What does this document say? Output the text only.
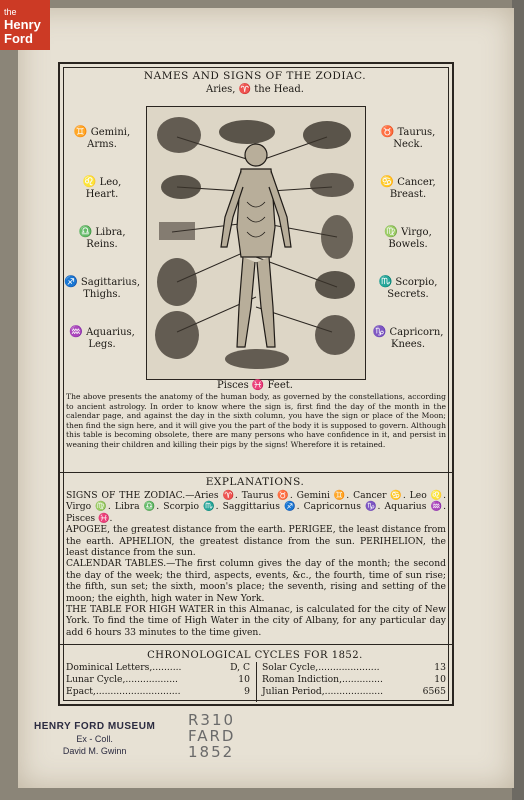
the
Henry
Ford
NAMES AND SIGNS OF THE ZODIAC.
Aries, ♈ the Head.
♊ Gemini,
Arms.
♌ Leo,
Heart.
♎ Libra,
Reins.
♐ Sagittarius,
Thighs.
♒ Aquarius,
Legs.
♉ Taurus,
Neck.
♋ Cancer,
Breast.
♍ Virgo,
Bowels.
♏ Scorpio,
Secrets.
♑ Capricorn,
Knees.
Pisces ♓ Feet.
The above presents the anatomy of the human body, as governed by the constellations, according to ancient astrology. In order to know where the sign is, first find the day of the month in the calendar page, and against the day in the sixth column, you have the sign or place of the Moon; then find the sign here, and it will give you the part of the body it is supposed to govern. Although this table is becoming obsolete, there are many persons who have confidence in it, and persist in weaning their children and killing their pigs by the signs! Wherefore it is retained.
EXPLANATIONS.

SIGNS OF THE ZODIAC.—Aries ♈. Taurus ♉. Gemini ♊. Cancer ♋. Leo ♌. Virgo ♍. Libra ♎. Scorpio ♏. Saggittarius ♐. Capricornus ♑. Aquarius ♒. Pisces ♓.

APOGEE, the greatest distance from the earth. PERIGEE, the least distance from the earth. APHELION, the greatest distance from the sun. PERIHELION, the least distance from the sun.

CALENDAR TABLES.—The first column gives the day of the month; the second the day of the week; the third, aspects, events, &c., the fourth, time of sun rise; the fifth, sun set; the sixth, moon's place; the seventh, rising and setting of the moon; the eighth, high water in New York.

THE TABLE FOR HIGH WATER in this Almanac, is calculated for the city of New York. To find the time of High Water in the city of Albany, for any particular day add 6 hours 33 minutes to the time given.

CHRONOLOGICAL CYCLES FOR 1852.
Dominical Letters,..........	D, C
Lunar Cycle,..................	10
Epact,.............................	9
Solar Cycle,.....................	13
Roman Indiction,..............	10
Julian Period,....................	6565
HENRY FORD MUSEUM
Ex - Coll.
David M. Gwinn
R310
FARD
1852
